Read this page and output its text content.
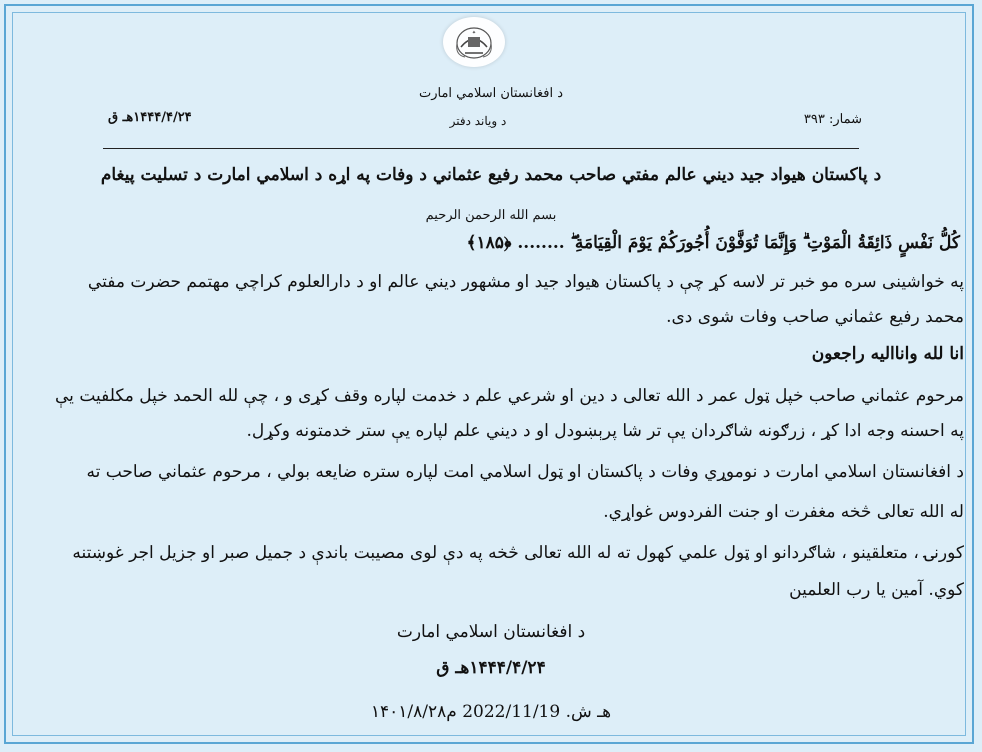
✦
د افغانستان اسلامي امارت
د ویاند دفتر	شمار: ۳۹۳
۱۴۴۴/۴/۲۴هـ ق
د پاکستان هیواد جید دیني عالم مفتي صاحب محمد رفیع عثماني د وفات په اړه د اسلامي امارت د تسلیت پیغام
بسم الله الرحمن الرحیم
كُلُّ نَفْسٍ ذَائِقَةُ الْمَوْتِ ۗ وَإِنَّمَا تُوَفَّوْنَ أُجُورَكُمْ يَوْمَ الْقِيَامَةِ ۖ ........ ﴿۱۸۵﴾
په خواشینی سره مو خبر تر لاسه کړ چې د پاکستان هیواد جید او مشهور دیني عالم او د دارالعلوم کراچي مهتمم حضرت مفتي
محمد رفیع عثماني صاحب وفات شوی دی.
انا لله وانااليه راجعون
مرحوم عثماني صاحب خپل ټول عمر د الله تعالی د دین او شرعي علم د خدمت لپاره وقف کړی و ، چې لله الحمد خپل مکلفیت یې
په احسنه وجه ادا کړ ، زرګونه شاګردان یې تر شا پرېښودل او د دیني علم لپاره یې ستر خدمتونه وکړل.
د افغانستان اسلامي امارت د نوموړي وفات د پاکستان او ټول اسلامي امت لپاره ستره ضایعه بولي ، مرحوم عثماني صاحب ته
له الله تعالی څخه مغفرت او جنت الفردوس غواړي.
کورنۍ ، متعلقینو ، شاګردانو او ټول علمي کهول ته له الله تعالی څخه په دې لوی مصیبت باندې د جمیل صبر او جزیل اجر غوښتنه
کوي. آمین یا رب العلمین
د افغانستان اسلامي امارت
۱۴۴۴/۴/۲۴هـ ق
۱۴۰۱/۸/۲۸هـ ش. 2022/11/19 م
